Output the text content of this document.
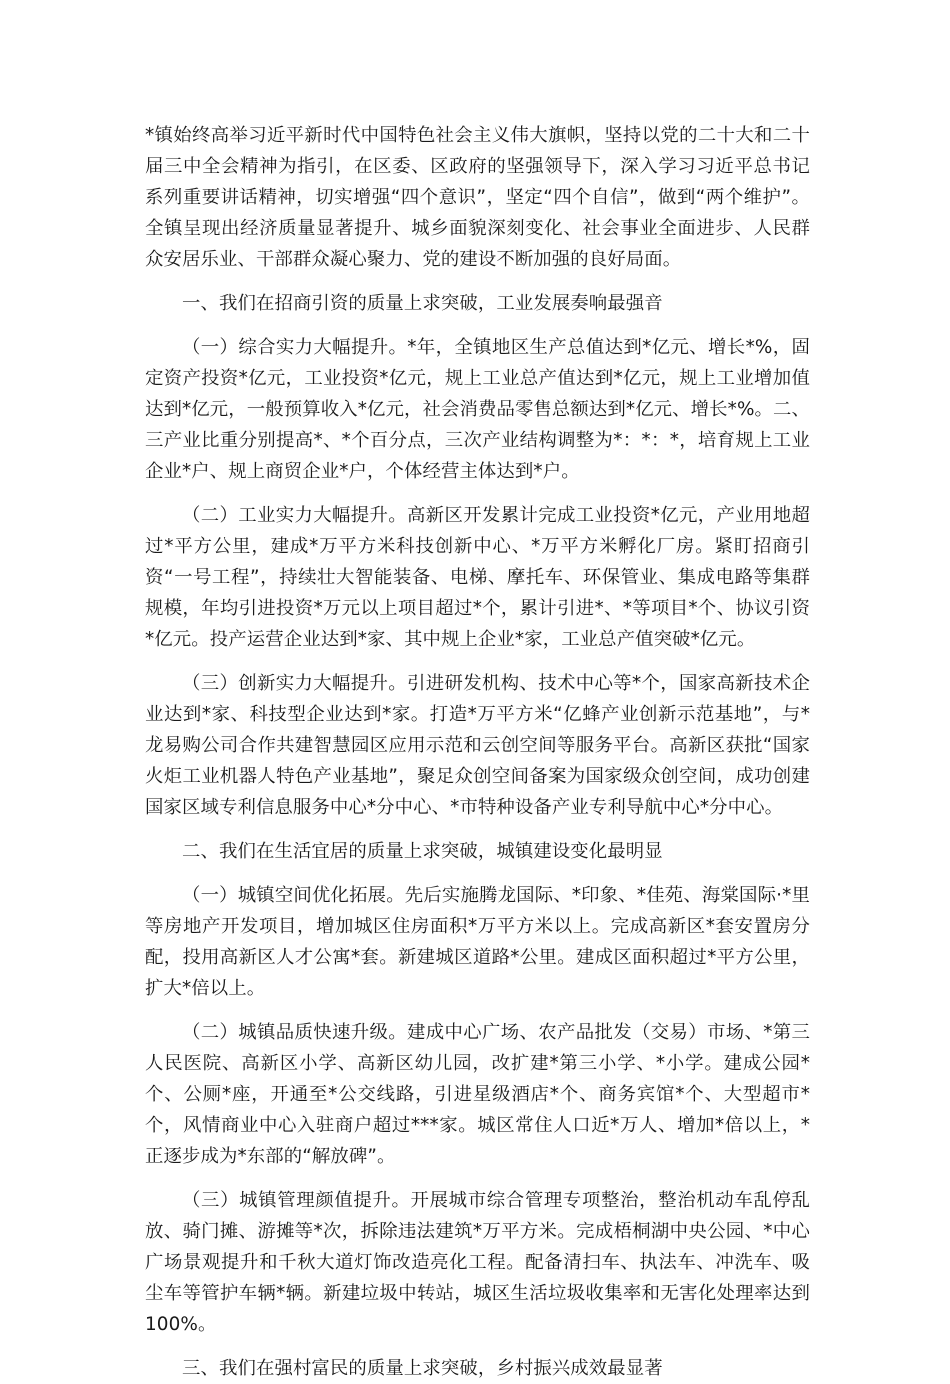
*镇始终高举习近平新时代中国特色社会主义伟大旗帜，坚持以党的二十大和二十届三中全会精神为指引，在区委、区政府的坚强领导下，深入学习习近平总书记系列重要讲话精神，切实增强“四个意识”，坚定“四个自信”，做到“两个维护”。全镇呈现出经济质量显著提升、城乡面貌深刻变化、社会事业全面进步、人民群众安居乐业、干部群众凝心聚力、党的建设不断加强的良好局面。

一、我们在招商引资的质量上求突破，工业发展奏响最强音

（一）综合实力大幅提升。*年，全镇地区生产总值达到*亿元、增长*%，固定资产投资*亿元，工业投资*亿元，规上工业总产值达到*亿元，规上工业增加值达到*亿元，一般预算收入*亿元，社会消费品零售总额达到*亿元、增长*%。二、三产业比重分别提高*、*个百分点，三次产业结构调整为*：*：*，培育规上工业企业*户、规上商贸企业*户，个体经营主体达到*户。

（二）工业实力大幅提升。高新区开发累计完成工业投资*亿元，产业用地超过*平方公里，建成*万平方米科技创新中心、*万平方米孵化厂房。紧盯招商引资“一号工程”，持续壮大智能装备、电梯、摩托车、环保管业、集成电路等集群规模，年均引进投资*万元以上项目超过*个，累计引进*、*等项目*个、协议引资*亿元。投产运营企业达到*家、其中规上企业*家，工业总产值突破*亿元。

（三）创新实力大幅提升。引进研发机构、技术中心等*个，国家高新技术企业达到*家、科技型企业达到*家。打造*万平方米“亿蜂产业创新示范基地”，与*龙易购公司合作共建智慧园区应用示范和云创空间等服务平台。高新区获批“国家火炬工业机器人特色产业基地”，聚足众创空间备案为国家级众创空间，成功创建国家区域专利信息服务中心*分中心、*市特种设备产业专利导航中心*分中心。

二、我们在生活宜居的质量上求突破，城镇建设变化最明显

（一）城镇空间优化拓展。先后实施腾龙国际、*印象、*佳苑、海棠国际·*里等房地产开发项目，增加城区住房面积*万平方米以上。完成高新区*套安置房分配，投用高新区人才公寓*套。新建城区道路*公里。建成区面积超过*平方公里，扩大*倍以上。

（二）城镇品质快速升级。建成中心广场、农产品批发（交易）市场、*第三人民医院、高新区小学、高新区幼儿园，改扩建*第三小学、*小学。建成公园*个、公厕*座，开通至*公交线路，引进星级酒店*个、商务宾馆*个、大型超市*个，风情商业中心入驻商户超过***家。城区常住人口近*万人、增加*倍以上，*正逐步成为*东部的“解放碑”。

（三）城镇管理颜值提升。开展城市综合管理专项整治，整治机动车乱停乱放、骑门摊、游摊等*次，拆除违法建筑*万平方米。完成梧桐湖中央公园、*中心广场景观提升和千秋大道灯饰改造亮化工程。配备清扫车、执法车、冲洗车、吸尘车等管护车辆*辆。新建垃圾中转站，城区生活垃圾收集率和无害化处理率达到 100%。

三、我们在强村富民的质量上求突破，乡村振兴成效最显著
